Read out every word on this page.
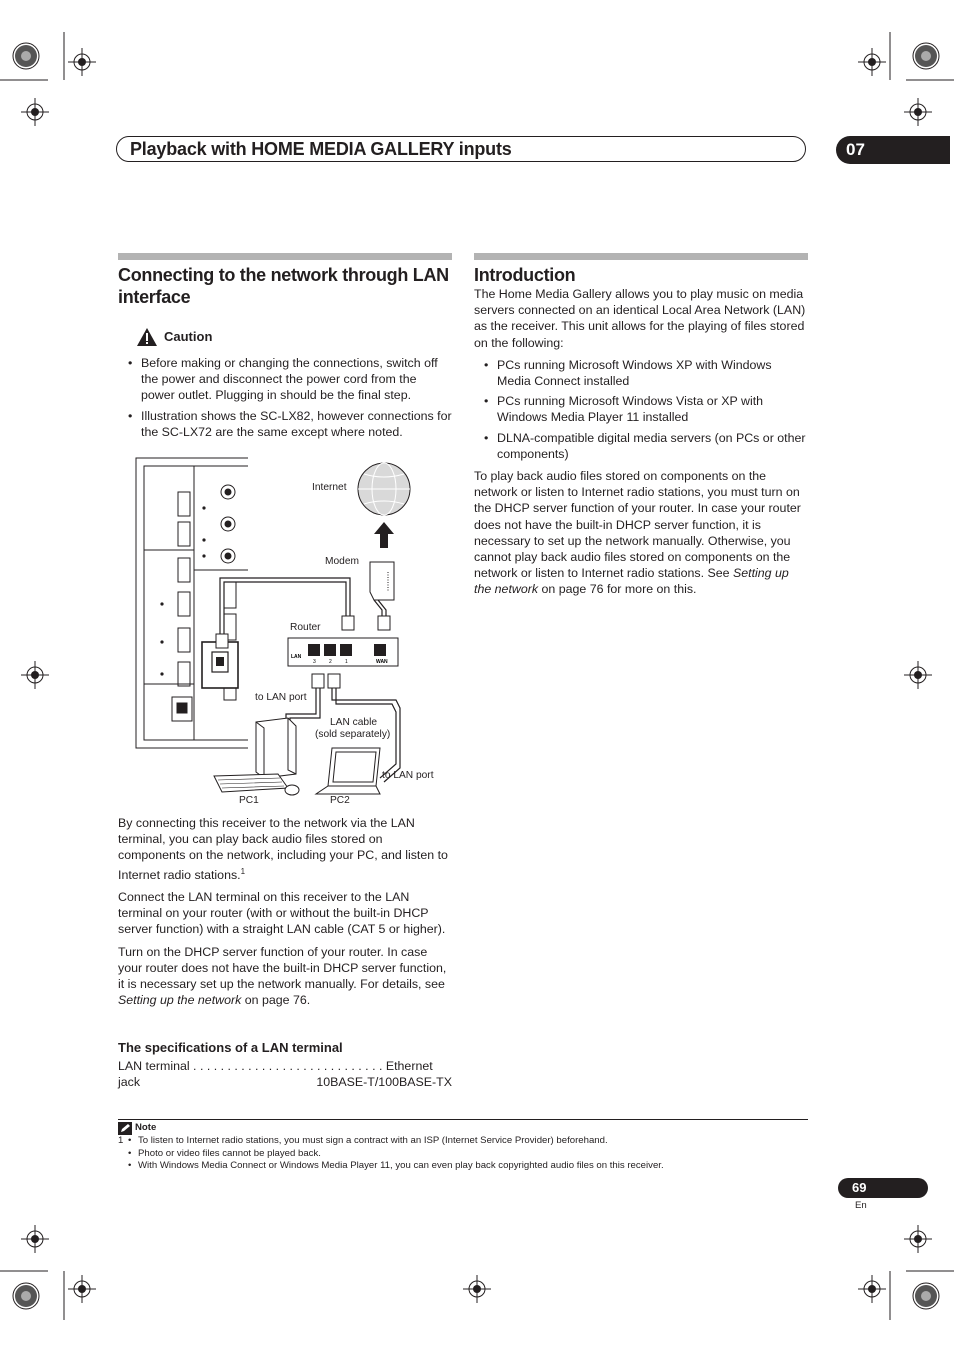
Playback with HOME MEDIA GALLERY inputs	07
Connecting to the network through LAN interface
Caution
• Before making or changing the connections, switch off the power and disconnect the power cord from the power outlet. Plugging in should be the final step.
• Illustration shows the SC-LX82, however connections for the SC-LX72 are the same except where noted.
Internet
Modem
Router
LAN
WAN
3	2	1
to LAN port
LAN cable
(sold separately)
to LAN port
PC1	PC2

By connecting this receiver to the network via the LAN terminal, you can play back audio files stored on components on the network, including your PC, and listen to Internet radio stations.$^1$

Connect the LAN terminal on this receiver to the LAN terminal on your router (with or without the built-in DHCP server function) with a straight LAN cable (CAT 5 or higher).

Turn on the DHCP server function of your router. In case your router does not have the built-in DHCP server function, it is necessary set up the network manually. For details, see Setting up the network on page 76.

The specifications of a LAN terminal
LAN terminal . . . . . . . . . . . . . . . . . . . . . . . . . . . . Ethernet jack	10BASE-T/100BASE-TX
Introduction

The Home Media Gallery allows you to play music on media servers connected on an identical Local Area Network (LAN) as the receiver. This unit allows for the playing of files stored on the following:

• PCs running Microsoft Windows XP with Windows Media Connect installed
• PCs running Microsoft Windows Vista or XP with Windows Media Player 11 installed
• DLNA-compatible digital media servers (on PCs or other components)

To play back audio files stored on components on the network or listen to Internet radio stations, you must turn on the DHCP server function of your router. In case your router does not have the built-in DHCP server function, it is necessary to set up the network manually. Otherwise, you cannot play back audio files stored on components on the network or listen to Internet radio stations. See Setting up the network on page 76 for more on this.

Note
1
•	To listen to Internet radio stations, you must sign a contract with an ISP (Internet Service Provider) beforehand.
• Photo or video files cannot be played back.
• With Windows Media Connect or Windows Media Player 11, you can even play back copyrighted audio files on this receiver.
69
En
